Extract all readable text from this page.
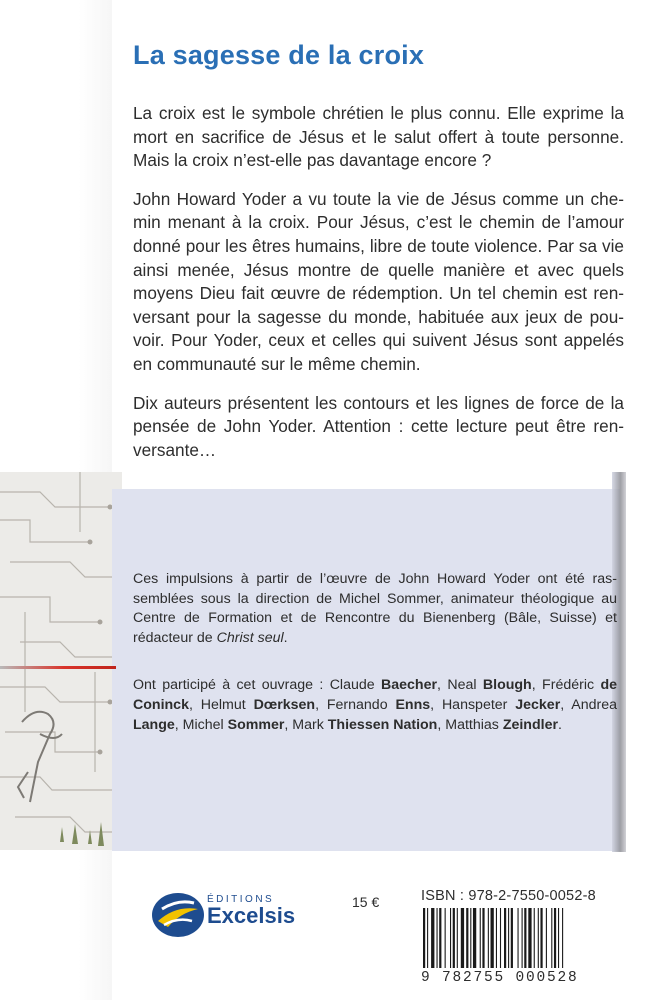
La sagesse de la croix

La croix est le symbole chrétien le plus connu. Elle exprime la mort en sacrifice de Jésus et le salut offert à toute personne. Mais la croix n’est-elle pas davantage encore ?

John Howard Yoder a vu toute la vie de Jésus comme un chemin menant à la croix. Pour Jésus, c’est le chemin de l’amour donné pour les êtres humains, libre de toute violence. Par sa vie ainsi menée, Jésus montre de quelle manière et avec quels moyens Dieu fait œuvre de rédemption. Un tel chemin est renversant pour la sagesse du monde, habituée aux jeux de pouvoir. Pour Yoder, ceux et celles qui suivent Jésus sont appelés en communauté sur le même chemin.

Dix auteurs présentent les contours et les lignes de force de la pensée de John Yoder. Attention : cette lecture peut être renversante…

Ces impulsions à partir de l’œuvre de John Howard Yoder ont été rassemblées sous la direction de Michel Sommer, animateur théologique au Centre de Formation et de Rencontre du Bienenberg (Bâle, Suisse) et rédacteur de Christ seul.

Ont participé à cet ouvrage : Claude Baecher, Neal Blough, Frédéric de Coninck, Helmut Dœrksen, Fernando Enns, Hanspeter Jecker, Andrea Lange, Michel Sommer, Mark Thiessen Nation, Matthias Zeindler.

ÉDITIONS
Excelsis
15 €	ISBN : 978-2-7550-0052-8
9 782755 000528
